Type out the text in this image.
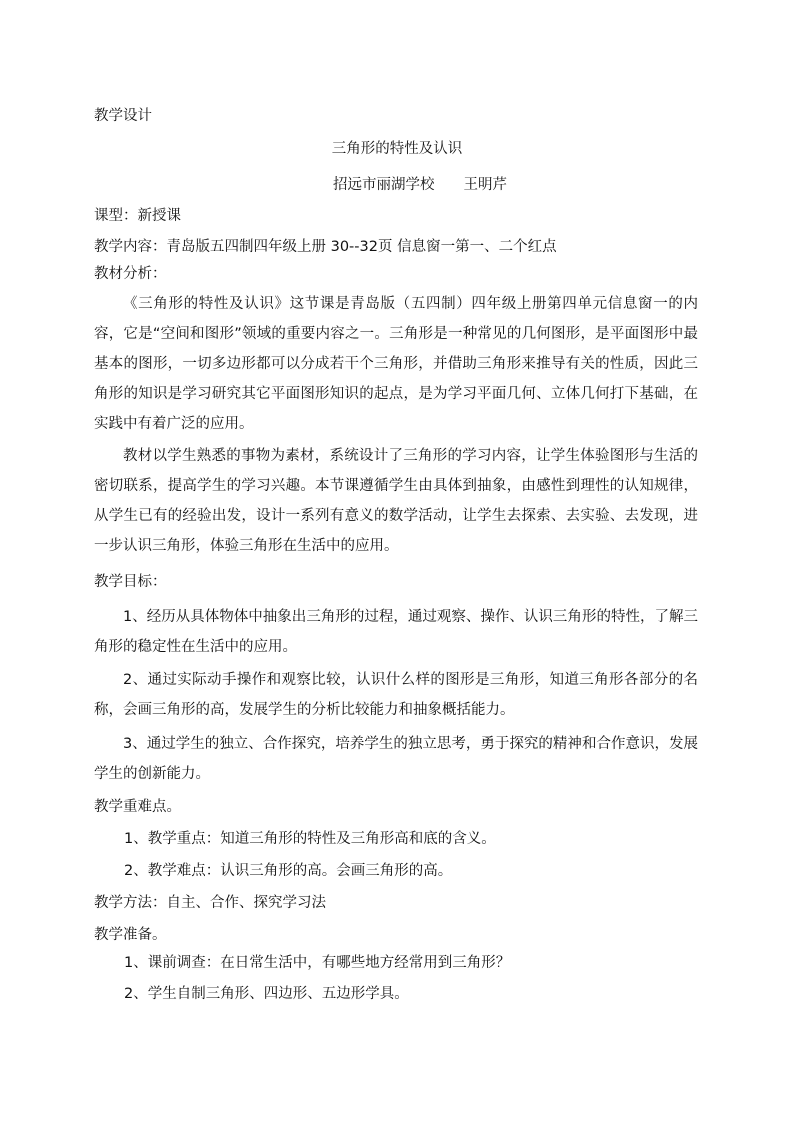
教学设计
三角形的特性及认识
招远市丽湖学校　　王明芹
课型：新授课
教学内容：青岛版五四制四年级上册 30--32页 信息窗一第一、二个红点
教材分析：

《三角形的特性及认识》这节课是青岛版（五四制）四年级上册第四单元信息窗一的内容，它是“空间和图形”领域的重要内容之一。三角形是一种常见的几何图形，是平面图形中最基本的图形，一切多边形都可以分成若干个三角形，并借助三角形来推导有关的性质，因此三角形的知识是学习研究其它平面图形知识的起点，是为学习平面几何、立体几何打下基础，在实践中有着广泛的应用。

教材以学生熟悉的事物为素材，系统设计了三角形的学习内容，让学生体验图形与生活的密切联系，提高学生的学习兴趣。本节课遵循学生由具体到抽象，由感性到理性的认知规律，从学生已有的经验出发，设计一系列有意义的数学活动，让学生去探索、去实验、去发现，进一步认识三角形，体验三角形在生活中的应用。

教学目标：

1、经历从具体物体中抽象出三角形的过程，通过观察、操作、认识三角形的特性，了解三角形的稳定性在生活中的应用。

2、通过实际动手操作和观察比较，认识什么样的图形是三角形，知道三角形各部分的名称，会画三角形的高，发展学生的分析比较能力和抽象概括能力。

3、通过学生的独立、合作探究，培养学生的独立思考，勇于探究的精神和合作意识，发展学生的创新能力。

教学重难点。
1、教学重点：知道三角形的特性及三角形高和底的含义。
2、教学难点：认识三角形的高。会画三角形的高。
教学方法：自主、合作、探究学习法
教学准备。
1、课前调查：在日常生活中，有哪些地方经常用到三角形？
2、学生自制三角形、四边形、五边形学具。
